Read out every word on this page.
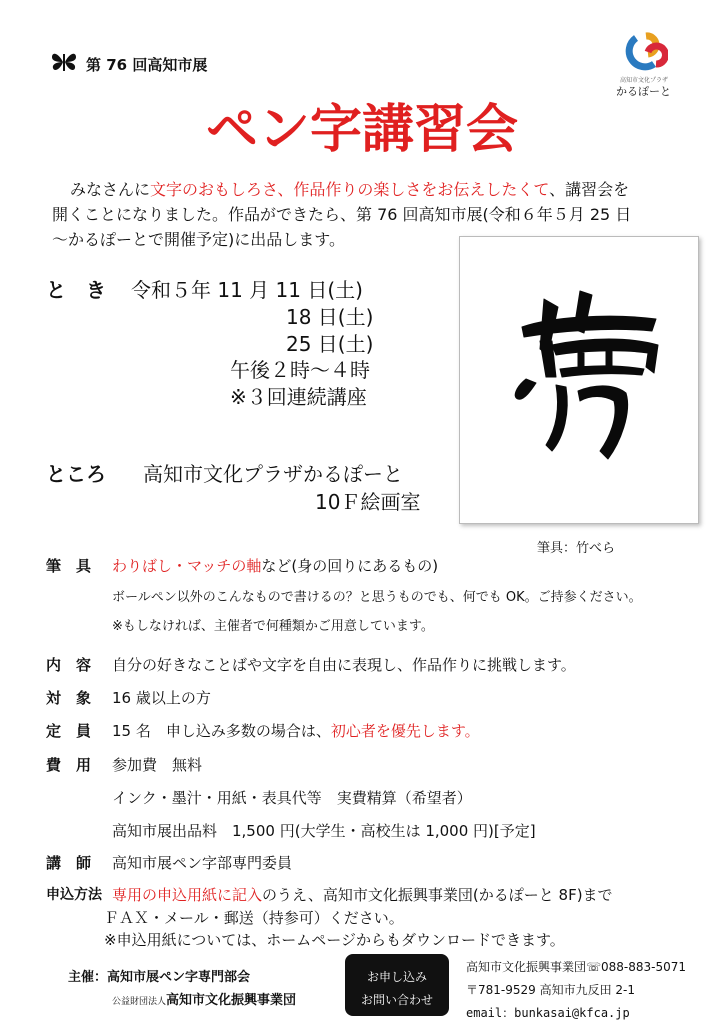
第 76 回高知市展
高知市文化プラザ
かるぽーと
ペン字講習会
みなさんに文字のおもしろさ、作品作りの楽しさをお伝えしたくて、講習会を
開くことになりました。作品ができたら、第 76 回高知市展(令和６年５月 25 日
～かるぽーとで開催予定)に出品します。
と　き 令和５年 11 月 11 日(土)
18 日(土)
25 日(土)
午後２時～４時
※３回連続講座
ところ 高知市文化プラザかるぽーと
10Ｆ絵画室
筆具：竹べら
筆　具 わりばし・マッチの軸など(身の回りにあるもの)
ボールペン以外のこんなもので書けるの？と思うものでも、何でも OK。ご持参ください。
※もしなければ、主催者で何種類かご用意しています。
内　容 自分の好きなことばや文字を自由に表現し、作品作りに挑戦します。
対　象 16 歳以上の方
定　員 15 名　申し込み多数の場合は、初心者を優先します。
費　用 参加費　無料
インク・墨汁・用紙・表具代等　実費精算（希望者）
高知市展出品料　1,500 円(大学生・高校生は 1,000 円)[予定]
講　師 高知市展ペン字部専門委員
申込方法 専用の申込用紙に記入のうえ、高知市文化振興事業団(かるぽーと 8F)まで
ＦＡＸ・メール・郵送（持参可）ください。
※申込用紙については、ホームページからもダウンロードできます。
主催：高知市展ペン字専門部会
公益財団法人高知市文化振興事業団
お申し込み
お問い合わせ
高知市文化振興事業団☏088-883-5071
〒781-9529 高知市九反田 2-1
email：bunkasai@kfca.jp
